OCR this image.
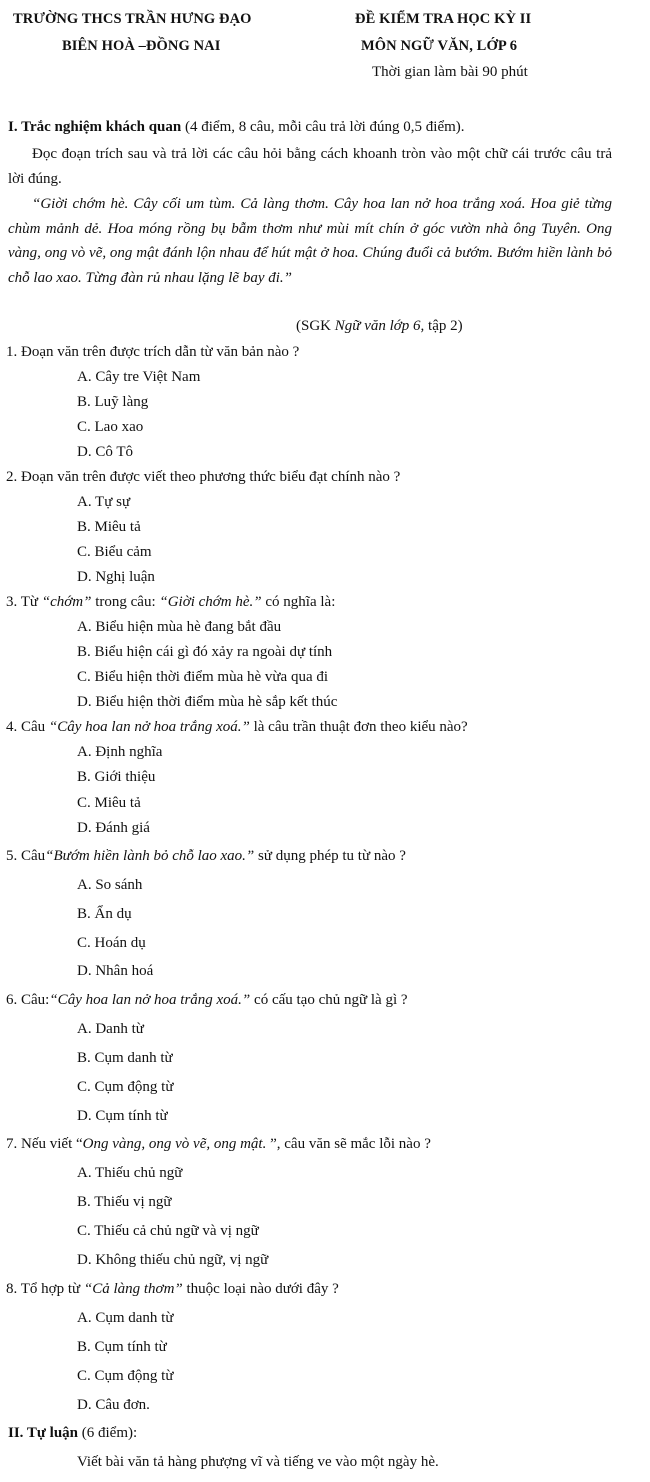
TRƯỜNG THCS TRẦN HƯNG ĐẠO
BIÊN HOÀ –ĐỒNG NAI
ĐỀ KIỂM TRA HỌC KỲ II
MÔN NGỮ VĂN, LỚP 6
Thời gian làm bài 90 phút
I. Trắc nghiệm khách quan (4 điểm, 8 câu, mỗi câu trả lời đúng 0,5 điểm).
Đọc đoạn trích sau và trả lời các câu hỏi bằng cách khoanh tròn vào một chữ cái trước câu trả lời đúng.
“Giời chớm hè. Cây cối um tùm. Cả làng thơm. Cây hoa lan nở hoa trắng xoá. Hoa giẻ từng chùm mảnh dẻ. Hoa móng rồng bụ bẫm thơm như mùi mít chín ở góc vườn nhà ông Tuyên. Ong vàng, ong vò vẽ, ong mật đánh lộn nhau để hút mật ở hoa. Chúng đuổi cả bướm. Bướm hiền lành bỏ chỗ lao xao. Từng đàn rủ nhau lặng lẽ bay đi.”
(SGK Ngữ văn lớp 6, tập 2)
1. Đoạn văn trên được trích dẫn từ văn bản nào ?
A. Cây tre Việt Nam
B. Luỹ làng
C. Lao xao
D. Cô Tô
2. Đoạn văn trên được viết theo phương thức biểu đạt chính nào ?
A. Tự sự
B. Miêu tả
C. Biểu cảm
D. Nghị luận
3. Từ “chớm” trong câu: “Giời chớm hè.” có nghĩa là:
A. Biểu hiện mùa hè đang bắt đầu
B. Biểu hiện cái gì đó xảy ra ngoài dự tính
C. Biểu hiện thời điểm mùa hè vừa qua đi
D. Biểu hiện thời điểm mùa hè sắp kết thúc
4. Câu “Cây hoa lan nở hoa trắng xoá.” là câu trần thuật đơn theo kiểu nào?
A. Định nghĩa
B. Giới thiệu
C. Miêu tả
D. Đánh giá
5. Câu“Bướm hiền lành bỏ chỗ lao xao.” sử dụng phép tu từ nào ?
A. So sánh
B. Ẩn dụ
C. Hoán dụ
D. Nhân hoá
6. Câu:“Cây hoa lan nở hoa trắng xoá.” có cấu tạo chủ ngữ là gì ?
A. Danh từ
B. Cụm danh từ
C. Cụm động từ
D. Cụm tính từ
7. Nếu viết “Ong vàng, ong vò vẽ, ong mật. ”, câu văn sẽ mắc lỗi nào ?
A. Thiếu chủ ngữ
B. Thiếu vị ngữ
C. Thiếu cả chủ ngữ và vị ngữ
D. Không thiếu chủ ngữ, vị ngữ
8. Tổ hợp từ “Cả làng thơm” thuộc loại nào dưới đây ?
A. Cụm danh từ
B. Cụm tính từ
C. Cụm động từ
D. Câu đơn.
II. Tự luận (6 điểm):
Viết bài văn tả hàng phượng vĩ và tiếng ve vào một ngày hè.
